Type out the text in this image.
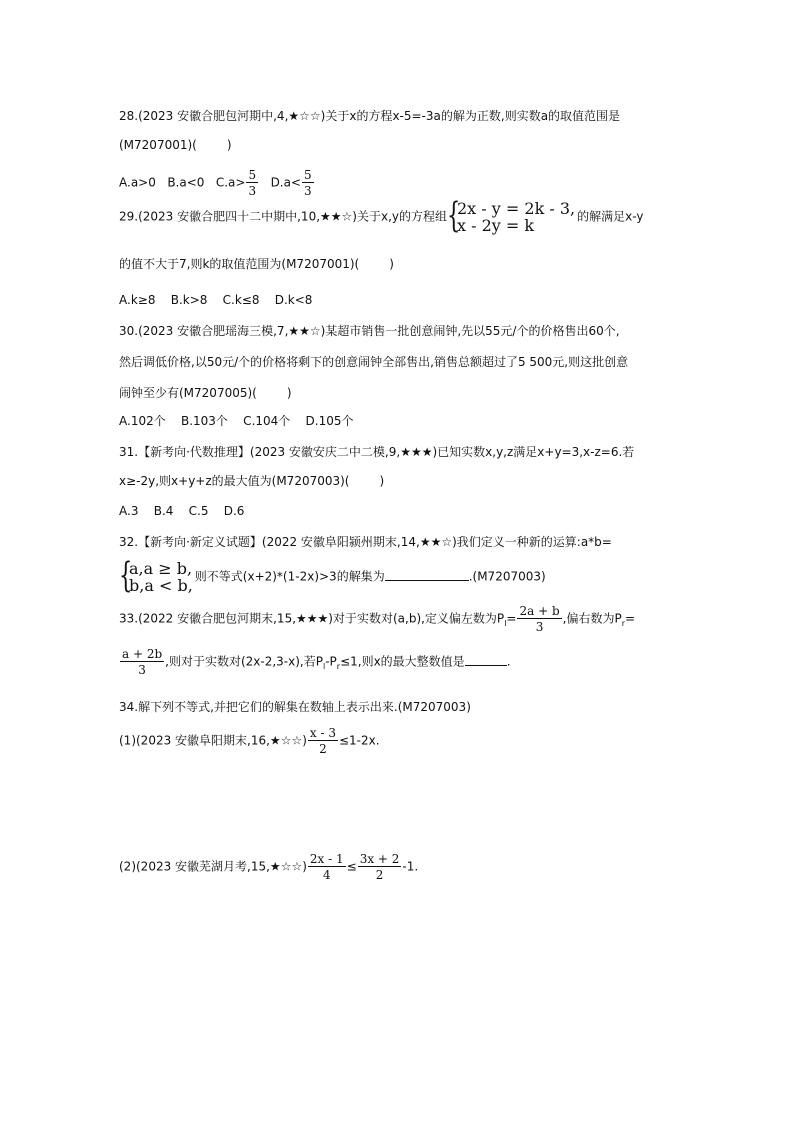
28.(2023 安徽合肥包河期中,4,★☆☆)关于x的方程x-5=-3a的解为正数,则实数a的取值范围是
(M7207001)(	)
A.a>0 B.a<0 $C.a> \frac{5}{3} D.a< \frac{5}{3}$
29.(2023 安徽合肥四十二中期中,10,★★☆)关于x,y的方程组 {
2x - y = 2k - 3,
x - 2y = k	的解满足x-y
的值不大于7,则k的取值范围为(M7207001)(	)
A.k≥8    B.k>8    C.k≤8    D.k<8
30.(2023 安徽合肥瑶海三模,7,★★☆)某超市销售一批创意闹钟,先以55元/个的价格售出60个,
然后调低价格,以50元/个的价格将剩下的创意闹钟全部售出,销售总额超过了5 500元,则这批创意
闹钟至少有(M7207005)(	)
A.102个    B.103个    C.104个    D.105个
31.【新考向·代数推理】(2023 安徽安庆二中二模,9,★★★)已知实数x,y,z满足x+y=3,x-z=6.若
x≥-2y,则x+y+z的最大值为(M7207003)(	)
A.3    B.4    C.5    D.6
32.【新考向·新定义试题】(2022 安徽阜阳颍州期末,14,★★☆)我们定义一种新的运算:a*b=
{
a,a ≥ b,
b,a < b, 则不等式(x+2)*(1-2x)>3的解集为	.(M7207003)
33.(2022 安徽合肥包河期末,15,★★★)对于实数对(a,b),定义偏左数为$P_l= \frac{2a + b}{3}$ ,偏右数为$P_r=$
$\frac{a + 2b}{3}$ ,则对于实数对(2x-2,3-x),若$P_l-P_r\le 1$,则x的最大整数值是	.
34.解下列不等式,并把它们的解集在数轴上表示出来.(M7207003)
(1)(2023 安徽阜阳期末,16,★☆☆) $\frac{x - 3}{2} \le 1-2x$.
(2)(2023 安徽芜湖月考,15,★☆☆) $\frac{2x - 1}{4} \le \frac{3x + 2}{2} -1$.
